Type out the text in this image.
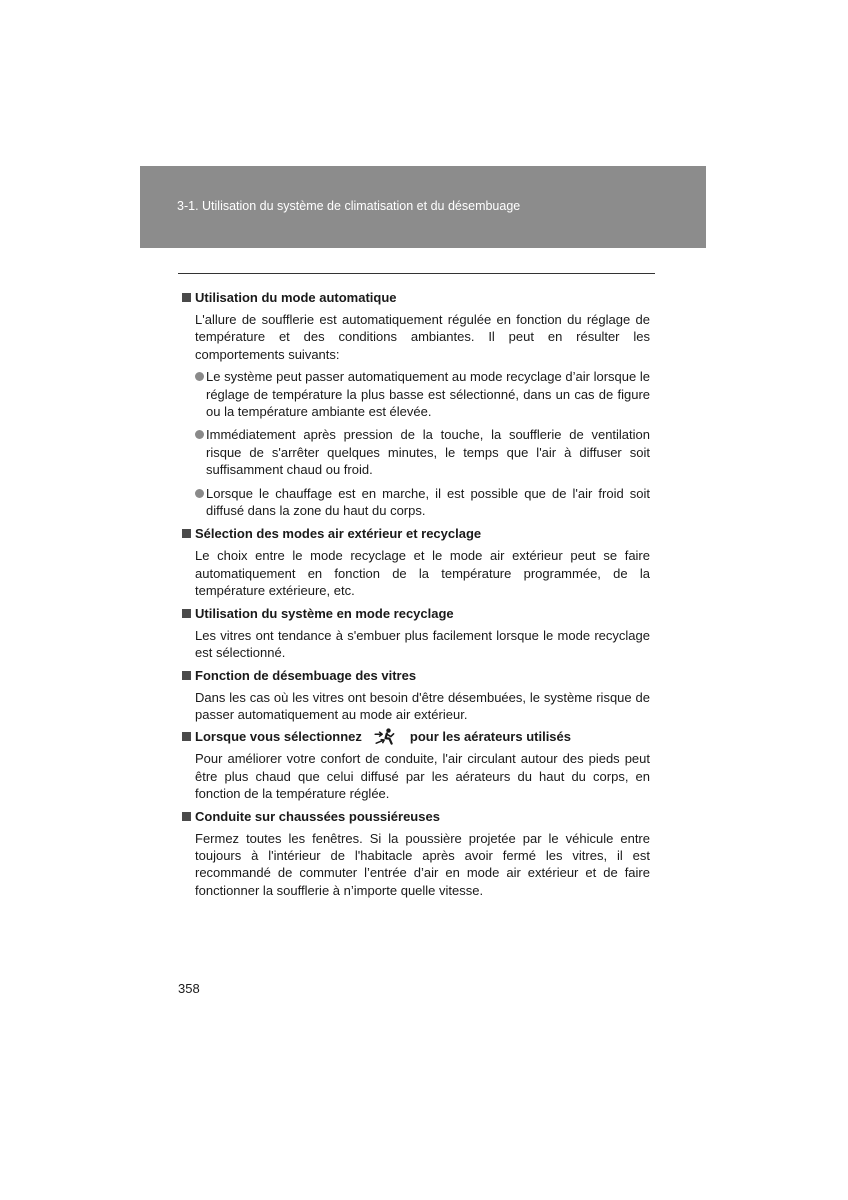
3-1. Utilisation du système de climatisation et du désembuage
Utilisation du mode automatique

L'allure de soufflerie est automatiquement régulée en fonction du réglage de température et des conditions ambiantes. Il peut en résulter les comportements suivants:

Le système peut passer automatiquement au mode recyclage d’air lorsque le réglage de température la plus basse est sélectionné, dans un cas de figure ou la température ambiante est élevée.
Immédiatement après pression de la touche, la soufflerie de ventilation risque de s'arrêter quelques minutes, le temps que l'air à diffuser soit suffisamment chaud ou froid.
Lorsque le chauffage est en marche, il est possible que de l'air froid soit diffusé dans la zone du haut du corps.
Sélection des modes air extérieur et recyclage

Le choix entre le mode recyclage et le mode air extérieur peut se faire automatiquement en fonction de la température programmée, de la température extérieure, etc.

Utilisation du système en mode recyclage

Les vitres ont tendance à s'embuer plus facilement lorsque le mode recyclage est sélectionné.

Fonction de désembuage des vitres

Dans les cas où les vitres ont besoin d'être désembuées, le système risque de passer automatiquement au mode air extérieur.

Lorsque vous sélectionnez	pour les aérateurs utilisés

Pour améliorer votre confort de conduite, l'air circulant autour des pieds peut être plus chaud que celui diffusé par les aérateurs du haut du corps, en fonction de la température réglée.

Conduite sur chaussées poussiéreuses

Fermez toutes les fenêtres. Si la poussière projetée par le véhicule entre toujours à l'intérieur de l'habitacle après avoir fermé les vitres, il est recommandé de commuter l’entrée d’air en mode air extérieur et de faire fonctionner la soufflerie à n’importe quelle vitesse.

358
